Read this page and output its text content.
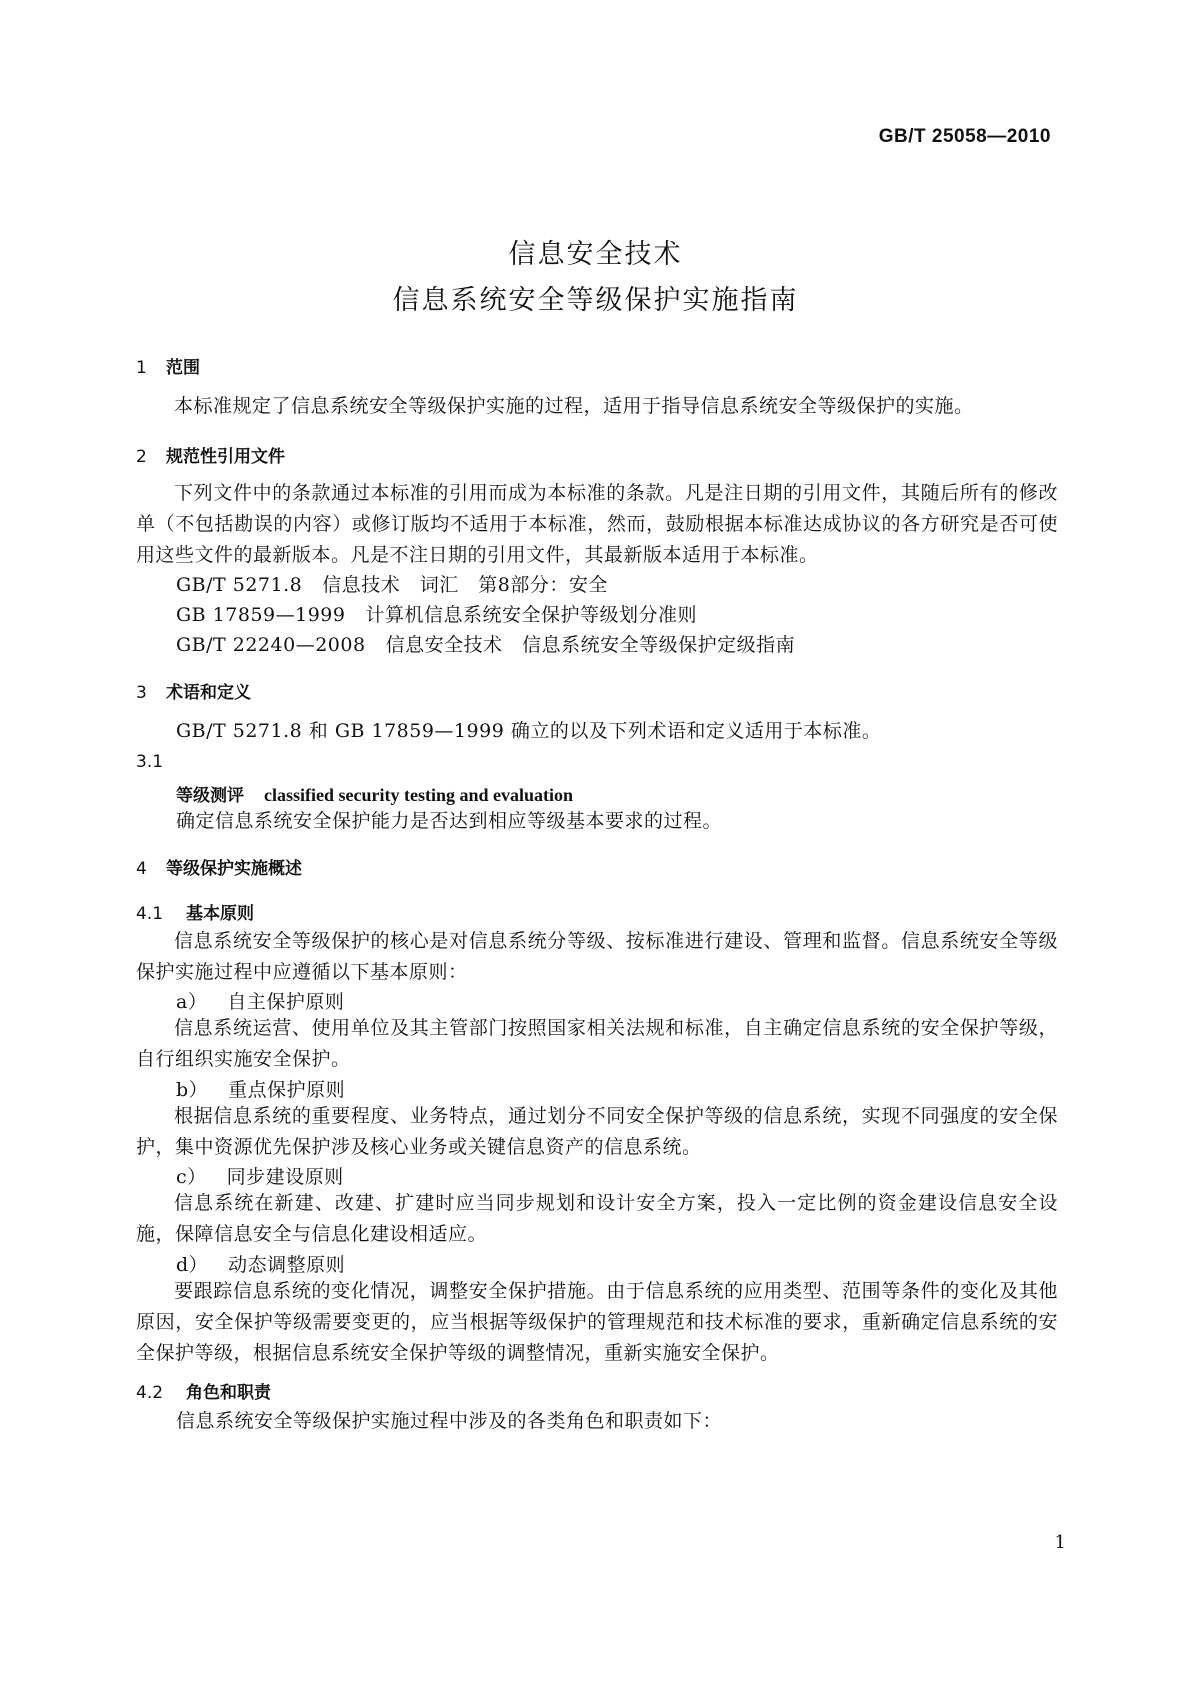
GB/T 25058—2010
信息安全技术
信息系统安全等级保护实施指南
1 范围
本标准规定了信息系统安全等级保护实施的过程，适用于指导信息系统安全等级保护的实施。
2 规范性引用文件
下列文件中的条款通过本标准的引用而成为本标准的条款。凡是注日期的引用文件，其随后所有的修改单（不包括勘误的内容）或修订版均不适用于本标准，然而，鼓励根据本标准达成协议的各方研究是否可使用这些文件的最新版本。凡是不注日期的引用文件，其最新版本适用于本标准。
GB/T 5271.8 信息技术　词汇　第8部分：安全
GB 17859—1999 计算机信息系统安全保护等级划分准则
GB/T 22240—2008 信息安全技术　信息系统安全等级保护定级指南
3 术语和定义
GB/T 5271.8 和 GB 17859—1999 确立的以及下列术语和定义适用于本标准。
3.1
等级测评 classified security testing and evaluation
确定信息系统安全保护能力是否达到相应等级基本要求的过程。
4 等级保护实施概述
4.1 基本原则
信息系统安全等级保护的核心是对信息系统分等级、按标准进行建设、管理和监督。信息系统安全等级保护实施过程中应遵循以下基本原则：
a） 自主保护原则
信息系统运营、使用单位及其主管部门按照国家相关法规和标准，自主确定信息系统的安全保护等级，自行组织实施安全保护。
b） 重点保护原则
根据信息系统的重要程度、业务特点，通过划分不同安全保护等级的信息系统，实现不同强度的安全保护，集中资源优先保护涉及核心业务或关键信息资产的信息系统。
c） 同步建设原则
信息系统在新建、改建、扩建时应当同步规划和设计安全方案，投入一定比例的资金建设信息安全设施，保障信息安全与信息化建设相适应。
d） 动态调整原则
要跟踪信息系统的变化情况，调整安全保护措施。由于信息系统的应用类型、范围等条件的变化及其他原因，安全保护等级需要变更的，应当根据等级保护的管理规范和技术标准的要求，重新确定信息系统的安全保护等级，根据信息系统安全保护等级的调整情况，重新实施安全保护。
4.2 角色和职责
信息系统安全等级保护实施过程中涉及的各类角色和职责如下：
1
